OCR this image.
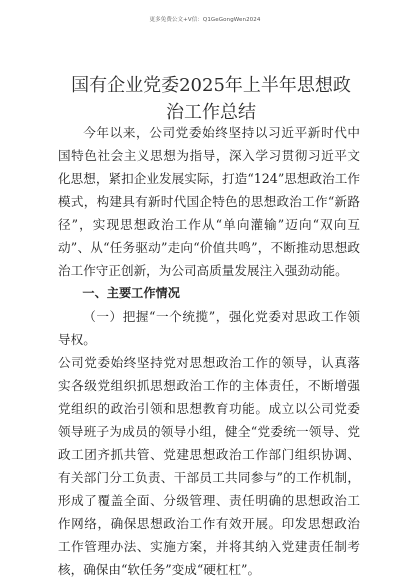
更多免费公文+V信：Q1GeGongWen2024
国有企业党委2025年上半年思想政治工作总结

今年以来，公司党委始终坚持以习近平新时代中国特色社会主义思想为指导，深入学习贯彻习近平文化思想，紧扣企业发展实际，打造“124”思想政治工作模式，构建具有新时代国企特色的思想政治工作“新路径”，实现思想政治工作从“单向灌输”迈向“双向互动”、从“任务驱动”走向“价值共鸣”，不断推动思想政治工作守正创新，为公司高质量发展注入强劲动能。

一、主要工作情况

（一）把握“一个统揽”，强化党委对思政工作领导权。

公司党委始终坚持党对思想政治工作的领导，认真落实各级党组织抓思想政治工作的主体责任，不断增强党组织的政治引领和思想教育功能。成立以公司党委领导班子为成员的领导小组，健全“党委统一领导、党政工团齐抓共管、党建思想政治工作部门组织协调、有关部门分工负责、干部员工共同参与”的工作机制，形成了覆盖全面、分级管理、责任明确的思想政治工作网络，确保思想政治工作有效开展。印发思想政治工作管理办法、实施方案，并将其纳入党建责任制考核，确保由“软任务”变成“硬杠杠”。
